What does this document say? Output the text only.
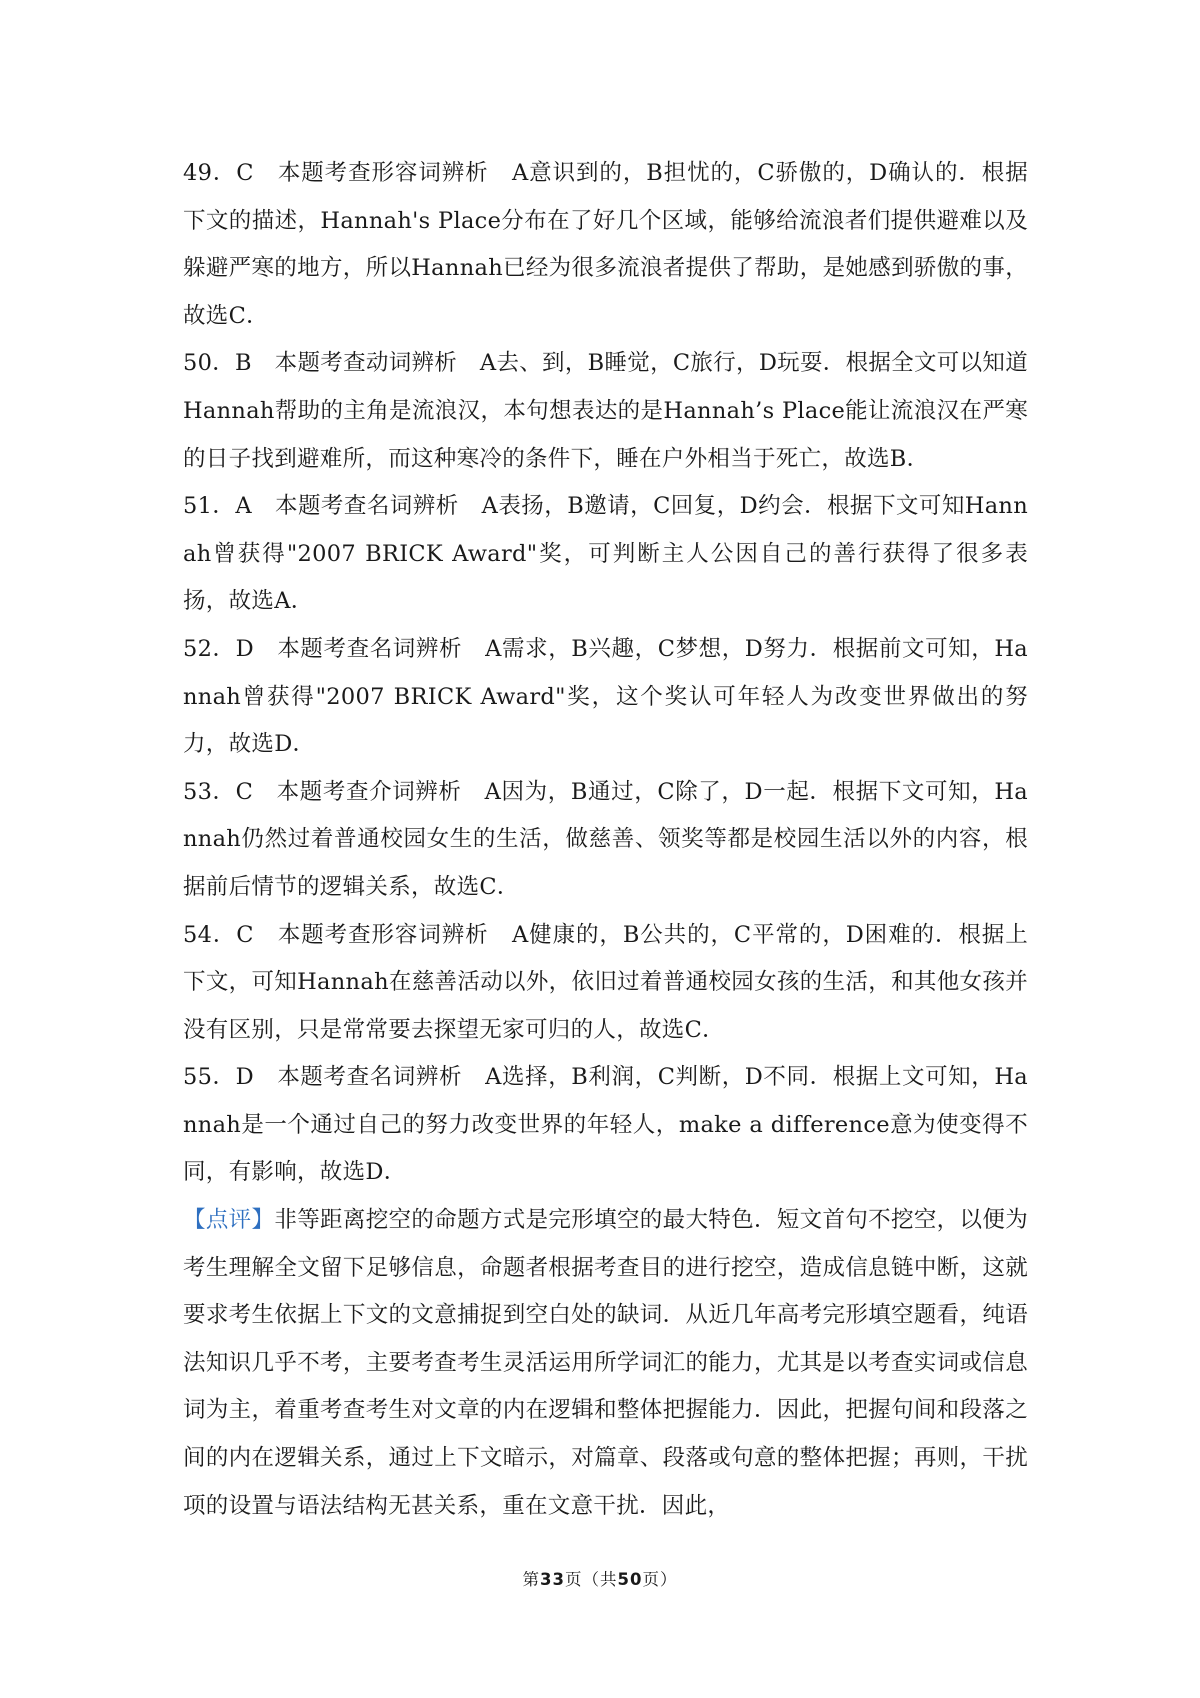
49．C　本题考查形容词辨析　A意识到的，B担忧的，C骄傲的，D确认的．根据下文的描述，Hannah's Place分布在了好几个区域，能够给流浪者们提供避难以及躲避严寒的地方，所以Hannah已经为很多流浪者提供了帮助，是她感到骄傲的事，故选C．

50．B　本题考查动词辨析　A去、到，B睡觉，C旅行，D玩耍．根据全文可以知道Hannah帮助的主角是流浪汉，本句想表达的是Hannah’s Place能让流浪汉在严寒的日子找到避难所，而这种寒冷的条件下，睡在户外相当于死亡，故选B．

51．A　本题考查名词辨析　A表扬，B邀请，C回复，D约会．根据下文可知Hannah曾获得"2007 BRICK Award"奖，可判断主人公因自己的善行获得了很多表扬，故选A．

52．D　本题考查名词辨析　A需求，B兴趣，C梦想，D努力．根据前文可知，Hannah曾获得"2007 BRICK Award"奖，这个奖认可年轻人为改变世界做出的努力，故选D．

53．C　本题考查介词辨析　A因为，B通过，C除了，D一起．根据下文可知，Hannah仍然过着普通校园女生的生活，做慈善、领奖等都是校园生活以外的内容，根据前后情节的逻辑关系，故选C．

54．C　本题考查形容词辨析　A健康的，B公共的，C平常的，D困难的．根据上下文，可知Hannah在慈善活动以外，依旧过着普通校园女孩的生活，和其他女孩并没有区别，只是常常要去探望无家可归的人，故选C．

55．D　本题考查名词辨析　A选择，B利润，C判断，D不同．根据上文可知，Hannah是一个通过自己的努力改变世界的年轻人，make a difference意为使变得不同，有影响，故选D．

【点评】非等距离挖空的命题方式是完形填空的最大特色．短文首句不挖空，以便为考生理解全文留下足够信息，命题者根据考查目的进行挖空，造成信息链中断，这就要求考生依据上下文的文意捕捉到空白处的缺词．从近几年高考完形填空题看，纯语法知识几乎不考，主要考查考生灵活运用所学词汇的能力，尤其是以考查实词或信息词为主，着重考查考生对文章的内在逻辑和整体把握能力．因此，把握句间和段落之间的内在逻辑关系，通过上下文暗示，对篇章、段落或句意的整体把握；再则，干扰项的设置与语法结构无甚关系，重在文意干扰．因此，

第33页（共50页）
